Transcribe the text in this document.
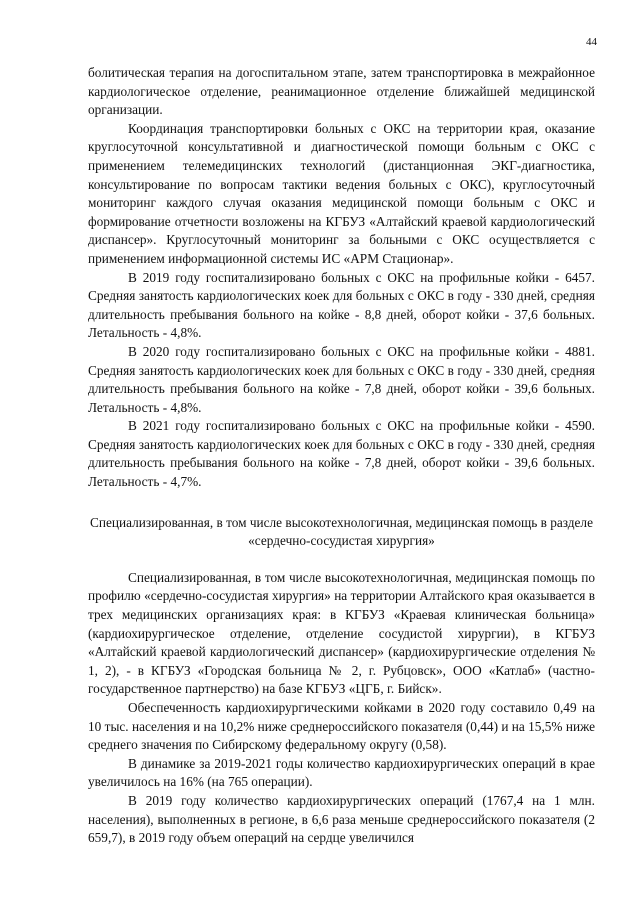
44

болитическая терапия на догоспитальном этапе, затем транспортировка в межрайонное кардиологическое отделение, реанимационное отделение ближайшей медицинской организации.

Координация транспортировки больных с ОКС на территории края, оказание круглосуточной консультативной и диагностической помощи больным с ОКС с применением телемедицинских технологий (дистанционная ЭКГ-диагностика, консультирование по вопросам тактики ведения больных с ОКС), круглосуточный мониторинг каждого случая оказания медицинской помощи больным с ОКС и формирование отчетности возложены на КГБУЗ «Алтайский краевой кардиологический диспансер». Круглосуточный мониторинг за больными с ОКС осуществляется с применением информационной системы ИС «АРМ Стационар».

В 2019 году госпитализировано больных с ОКС на профильные койки - 6457. Средняя занятость кардиологических коек для больных с ОКС в году - 330 дней, средняя длительность пребывания больного на койке - 8,8 дней, оборот койки - 37,6 больных. Летальность - 4,8%.

В 2020 году госпитализировано больных с ОКС на профильные койки - 4881. Средняя занятость кардиологических коек для больных с ОКС в году - 330 дней, средняя длительность пребывания больного на койке - 7,8 дней, оборот койки - 39,6 больных. Летальность - 4,8%.

В 2021 году госпитализировано больных с ОКС на профильные койки - 4590. Средняя занятость кардиологических коек для больных с ОКС в году - 330 дней, средняя длительность пребывания больного на койке - 7,8 дней, оборот койки - 39,6 больных. Летальность - 4,7%.

Специализированная, в том числе высокотехнологичная, медицинская помощь в разделе «сердечно-сосудистая хирургия»

Специализированная, в том числе высокотехнологичная, медицинская помощь по профилю «сердечно-сосудистая хирургия» на территории Алтайского края оказывается в трех медицинских организациях края: в КГБУЗ «Краевая клиническая больница» (кардиохирургическое отделение, отделение сосудистой хирургии), в КГБУЗ «Алтайский краевой кардиологический диспансер» (кардиохирургические отделения № 1, 2), - в КГБУЗ «Городская больница № 2, г. Рубцовск», ООО «Катлаб» (частно-государственное партнерство) на базе КГБУЗ «ЦГБ, г. Бийск».

Обеспеченность кардиохирургическими койками в 2020 году составило 0,49 на 10 тыс. населения и на 10,2% ниже среднероссийского показателя (0,44) и на 15,5% ниже среднего значения по Сибирскому федеральному округу (0,58).

В динамике за 2019-2021 годы количество кардиохирургических операций в крае увеличилось на 16% (на 765 операции).

В 2019 году количество кардиохирургических операций (1767,4 на 1 млн. населения), выполненных в регионе, в 6,6 раза меньше среднероссийского показателя (2 659,7), в 2019 году объем операций на сердце увеличился
